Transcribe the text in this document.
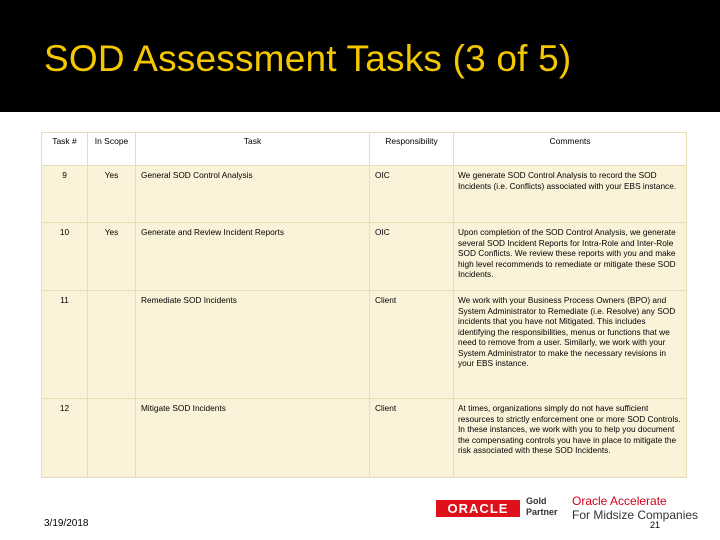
SOD Assessment Tasks (3 of 5)
Task #	In Scope	Task	Responsibility	Comments
9	Yes	General SOD Control Analysis	OIC	We generate SOD Control Analysis to record the SOD Incidents (i.e. Conflicts) associated with your EBS instance.
10	Yes	Generate and Review Incident Reports	OIC	Upon completion of the SOD Control Analysis, we generate several SOD Incident Reports for Intra-Role and Inter-Role SOD Conflicts. We review these reports with you and make high level recommends to remediate or mitigate these SOD Incidents.
11		Remediate SOD Incidents	Client	We work with your Business Process Owners (BPO) and System Administrator to Remediate (i.e. Resolve) any SOD incidents that you have not Mitigated. This includes identifying the responsibilities, menus or functions that we need to remove from a user. Similarly, we work with your System Administrator to make the necessary revisions in your EBS instance.
12		Mitigate SOD Incidents	Client	At times, organizations simply do not have sufficient resources to strictly enforcement one or more SOD Controls. In these instances, we work with you to help you document the compensating controls you have in place to mitigate the risk associated with these SOD Incidents.
3/19/2018
ORACLE	Gold
Partner
Oracle Accelerate
For Midsize Companies
21
